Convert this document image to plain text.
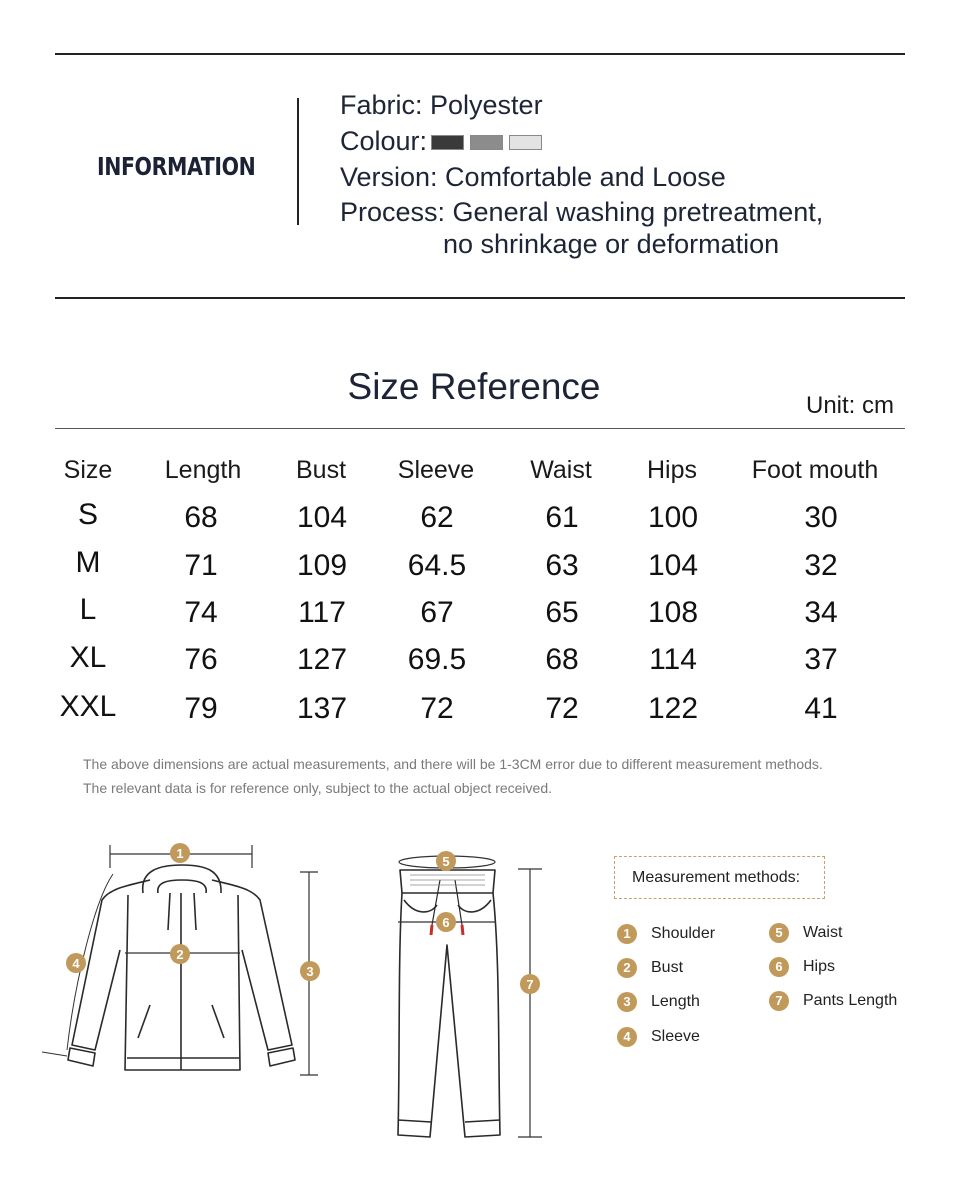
INFORMATION
Fabric: Polyester
Colour:
Version: Comfortable and Loose
Process: General washing pretreatment,
no shrinkage or deformation
Size Reference	Unit: cm
Size	Length	Bust	Sleeve	Waist	Hips	Foot mouth
S	68	104	62	61	100	30
M	71	109	64.5	63	104	32
L	74	117	67	65	108	34
XL	76	127	69.5	68	114	37
XXL	79	137	72	72	122	41
The above dimensions are actual measurements, and there will be 1-3CM error due to different measurement methods.
The relevant data is for reference only, subject to the actual object received.
1
2
3
4
5
6
7
Measurement methods:
1	Shoulder
2	Bust
3	Length
4	Sleeve
5	Waist
6	Hips
7	Pants Length
